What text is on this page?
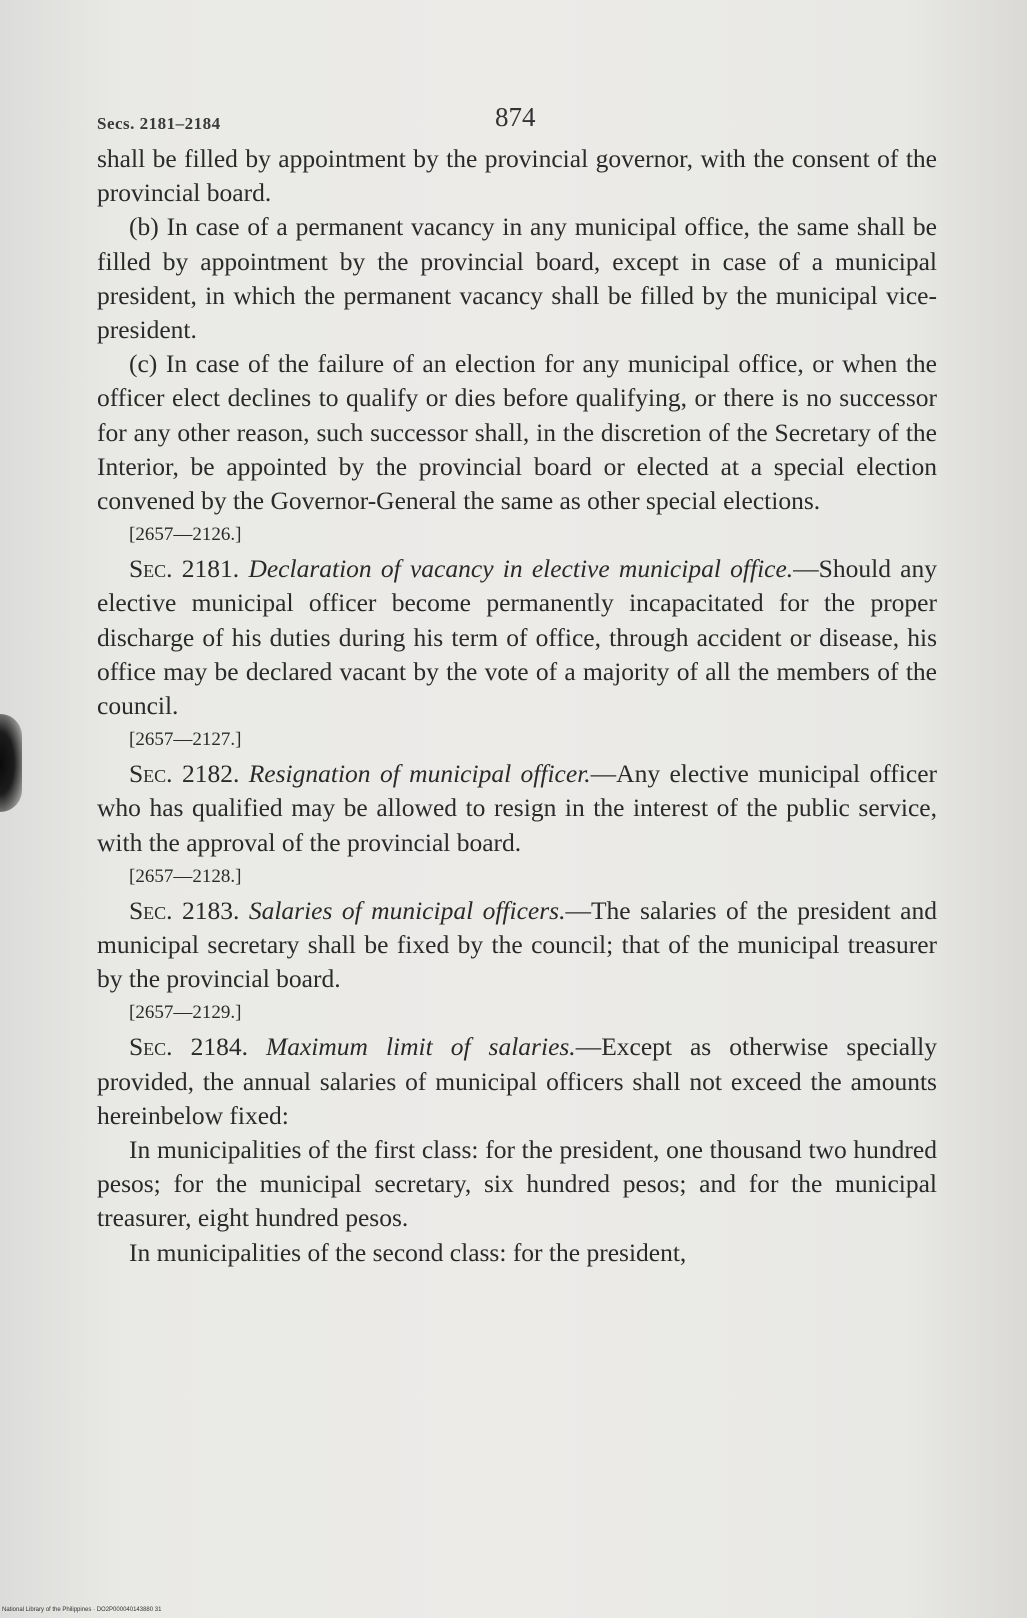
Secs. 2181–2184	874

shall be filled by appointment by the provincial governor, with the consent of the provincial board.

(b) In case of a permanent vacancy in any municipal office, the same shall be filled by appointment by the provincial board, except in case of a municipal president, in which the permanent vacancy shall be filled by the municipal vice-president.

(c) In case of the failure of an election for any municipal office, or when the officer elect declines to qualify or dies before qualifying, or there is no successor for any other reason, such successor shall, in the discretion of the Secretary of the Interior, be appointed by the provincial board or elected at a special election convened by the Governor-General the same as other special elections.

[2657—2126.]

Sec. 2181. Declaration of vacancy in elective municipal office.—Should any elective municipal officer become permanently incapacitated for the proper discharge of his duties during his term of office, through accident or disease, his office may be declared vacant by the vote of a majority of all the members of the council.

[2657—2127.]

Sec. 2182. Resignation of municipal officer.—Any elective municipal officer who has qualified may be allowed to resign in the interest of the public service, with the approval of the provincial board.

[2657—2128.]

Sec. 2183. Salaries of municipal officers.—The salaries of the president and municipal secretary shall be fixed by the council; that of the municipal treasurer by the provincial board.

[2657—2129.]

Sec. 2184. Maximum limit of salaries.—Except as otherwise specially provided, the annual salaries of municipal officers shall not exceed the amounts hereinbelow fixed:

In municipalities of the first class: for the president, one thousand two hundred pesos; for the municipal secretary, six hundred pesos; and for the municipal treasurer, eight hundred pesos.

In municipalities of the second class: for the president,

National Library of the Philippines · DO2P000040143880 31
